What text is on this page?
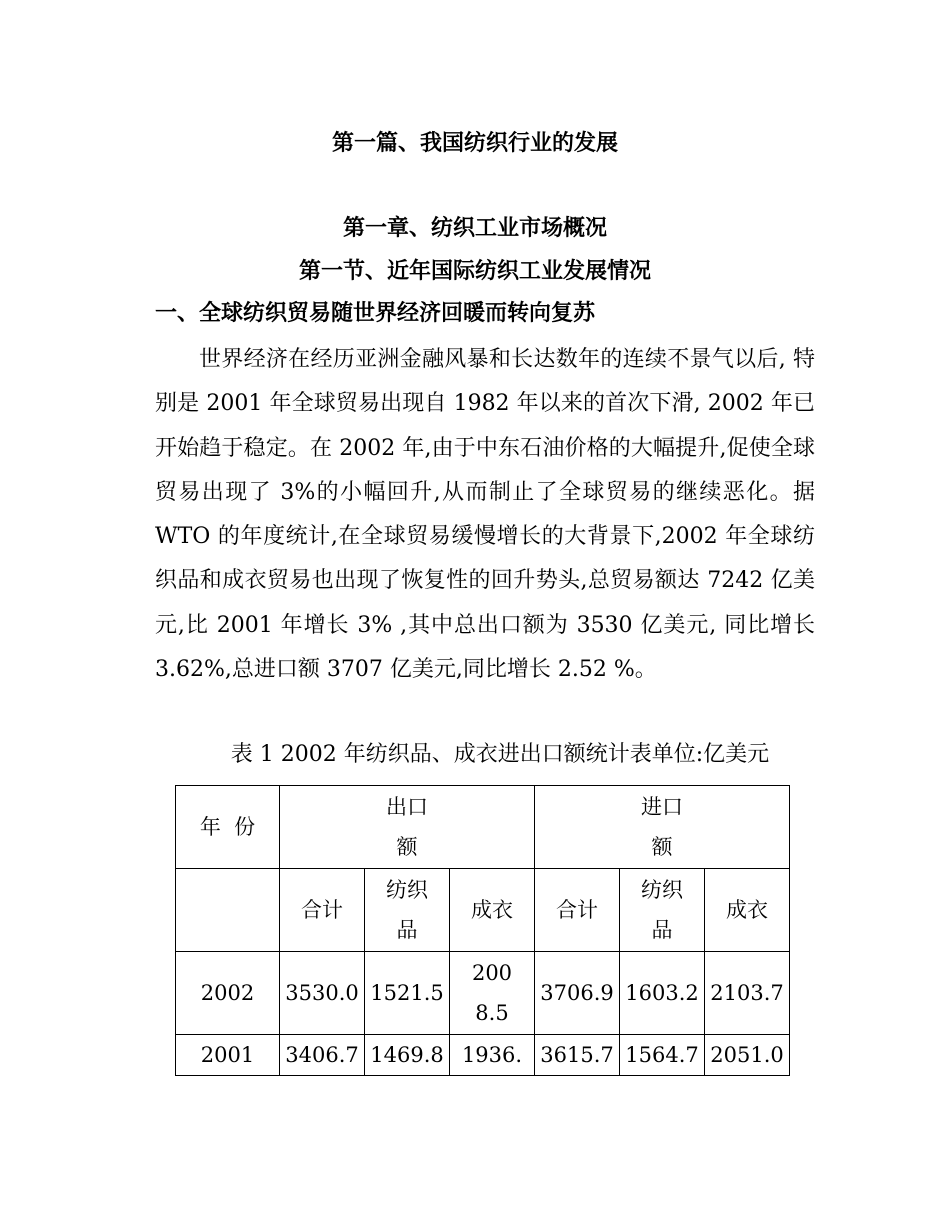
第一篇、我国纺织行业的发展
第一章、纺织工业市场概况
第一节、近年国际纺织工业发展情况
一、全球纺织贸易随世界经济回暖而转向复苏

世界经济在经历亚洲金融风暴和长达数年的连续不景气以后, 特别是 2001 年全球贸易出现自 1982 年以来的首次下滑, 2002 年已开始趋于稳定。在 2002 年,由于中东石油价格的大幅提升,促使全球贸易出现了 3%的小幅回升,从而制止了全球贸易的继续恶化。据 WTO 的年度统计,在全球贸易缓慢增长的大背景下,2002 年全球纺织品和成衣贸易也出现了恢复性的回升势头,总贸易额达 7242 亿美元,比 2001 年增长 3% ,其中总出口额为 3530 亿美元, 同比增长 3.62%,总进口额 3707 亿美元,同比增长 2.52 %。

表 1 2002 年纺织品、成衣进出口额统计表单位:亿美元
年  份	出口额			进口额		

	合计	纺织品	成衣	合计	纺织品	成衣
2002	3530.0	1521.5	2008.5	3706.9	1603.2	2103.7
2001	3406.7	1469.8	1936.	3615.7	1564.7	2051.0
